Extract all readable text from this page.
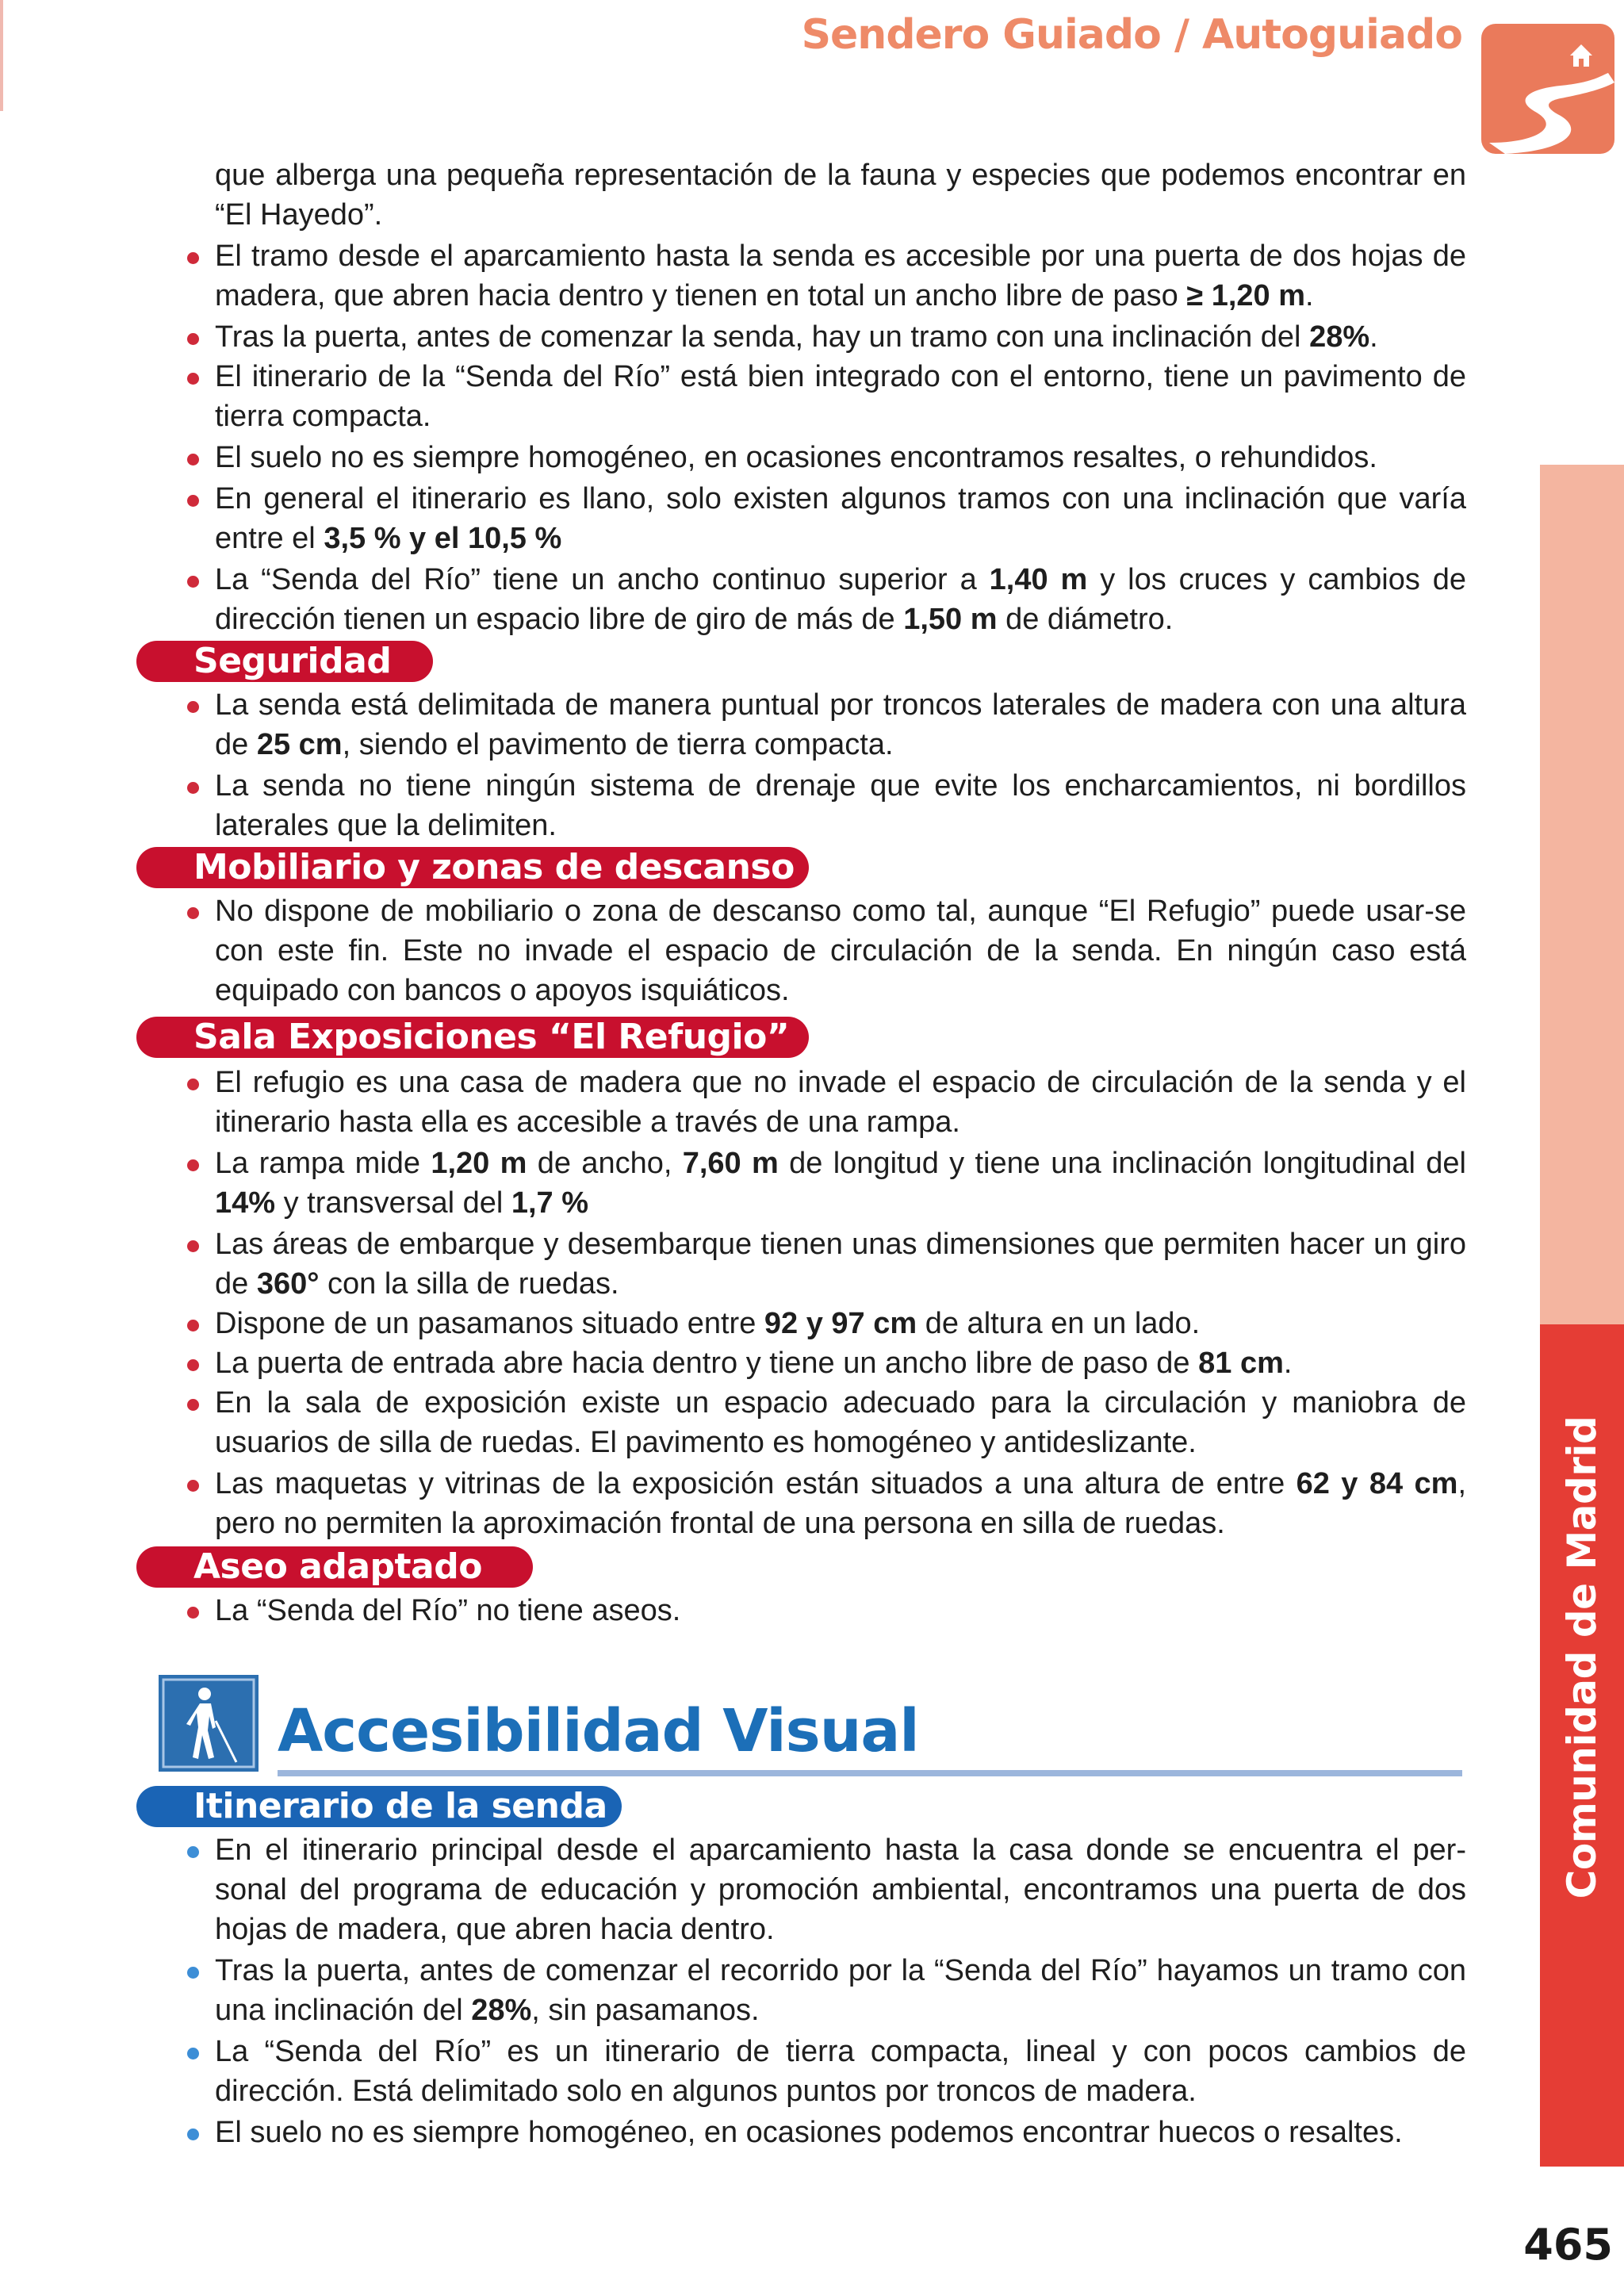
Sendero Guiado / Autoguiado
Comunidad de Madrid
que alberga una pequeña representación de la fauna y especies que podemos encontrar en “El Hayedo”.
El tramo desde el aparcamiento hasta la senda es accesible por una puerta de dos hojas de madera, que abren hacia dentro y tienen en total un ancho libre de paso ≥ 1,20 m.
Tras la puerta, antes de comenzar la senda, hay un tramo con una inclinación del 28%.
El itinerario de la “Senda del Río” está bien integrado con el entorno, tiene un pavimento de tierra compacta.
El suelo no es siempre homogéneo, en ocasiones encontramos resaltes, o rehundidos.
En general el itinerario es llano, solo existen algunos tramos con una inclinación que varía entre el 3,5 % y el 10,5 %
La “Senda del Río” tiene un ancho continuo superior a 1,40 m y los cruces y cambios de dirección tienen un espacio libre de giro de más de 1,50 m de diámetro.
Seguridad
La senda está delimitada de manera puntual por troncos laterales de madera con una altura de 25 cm, siendo el pavimento de tierra compacta.
La senda no tiene ningún sistema de drenaje que evite los encharcamientos, ni bordillos laterales que la delimiten.
Mobiliario y zonas de descanso
No dispone de mobiliario o zona de descanso como tal, aunque “El Refugio” puede usar-se con este fin. Este no invade el espacio de circulación de la senda. En ningún caso está equipado con bancos o apoyos isquiáticos.
Sala Exposiciones “El Refugio”
El refugio es una casa de madera que no invade el espacio de circulación de la senda y el itinerario hasta ella es accesible a través de una rampa.
La rampa mide 1,20 m de ancho, 7,60 m de longitud y tiene una inclinación longitudinal del 14% y transversal del 1,7 %
Las áreas de embarque y desembarque tienen unas dimensiones que permiten hacer un giro de 360° con la silla de ruedas.
Dispone de un pasamanos situado entre 92 y 97 cm de altura en un lado.
La puerta de entrada abre hacia dentro y tiene un ancho libre de paso de 81 cm.
En la sala de exposición existe un espacio adecuado para la circulación y maniobra de usuarios de silla de ruedas. El pavimento es homogéneo y antideslizante.
Las maquetas y vitrinas de la exposición están situados a una altura de entre 62 y 84 cm, pero no permiten la aproximación frontal de una persona en silla de ruedas.
Aseo adaptado
La “Senda del Río” no tiene aseos.
Accesibilidad Visual
Itinerario de la senda
En el itinerario principal desde el aparcamiento hasta la casa donde se encuentra el per-sonal del programa de educación y promoción ambiental, encontramos una puerta de dos hojas de madera, que abren hacia dentro.
Tras la puerta, antes de comenzar el recorrido por la “Senda del Río” hayamos un tramo con una inclinación del 28%, sin pasamanos.
La “Senda del Río” es un itinerario de tierra compacta, lineal y con pocos cambios de dirección. Está delimitado solo en algunos puntos por troncos de madera.
El suelo no es siempre homogéneo, en ocasiones podemos encontrar huecos o resaltes.
465
